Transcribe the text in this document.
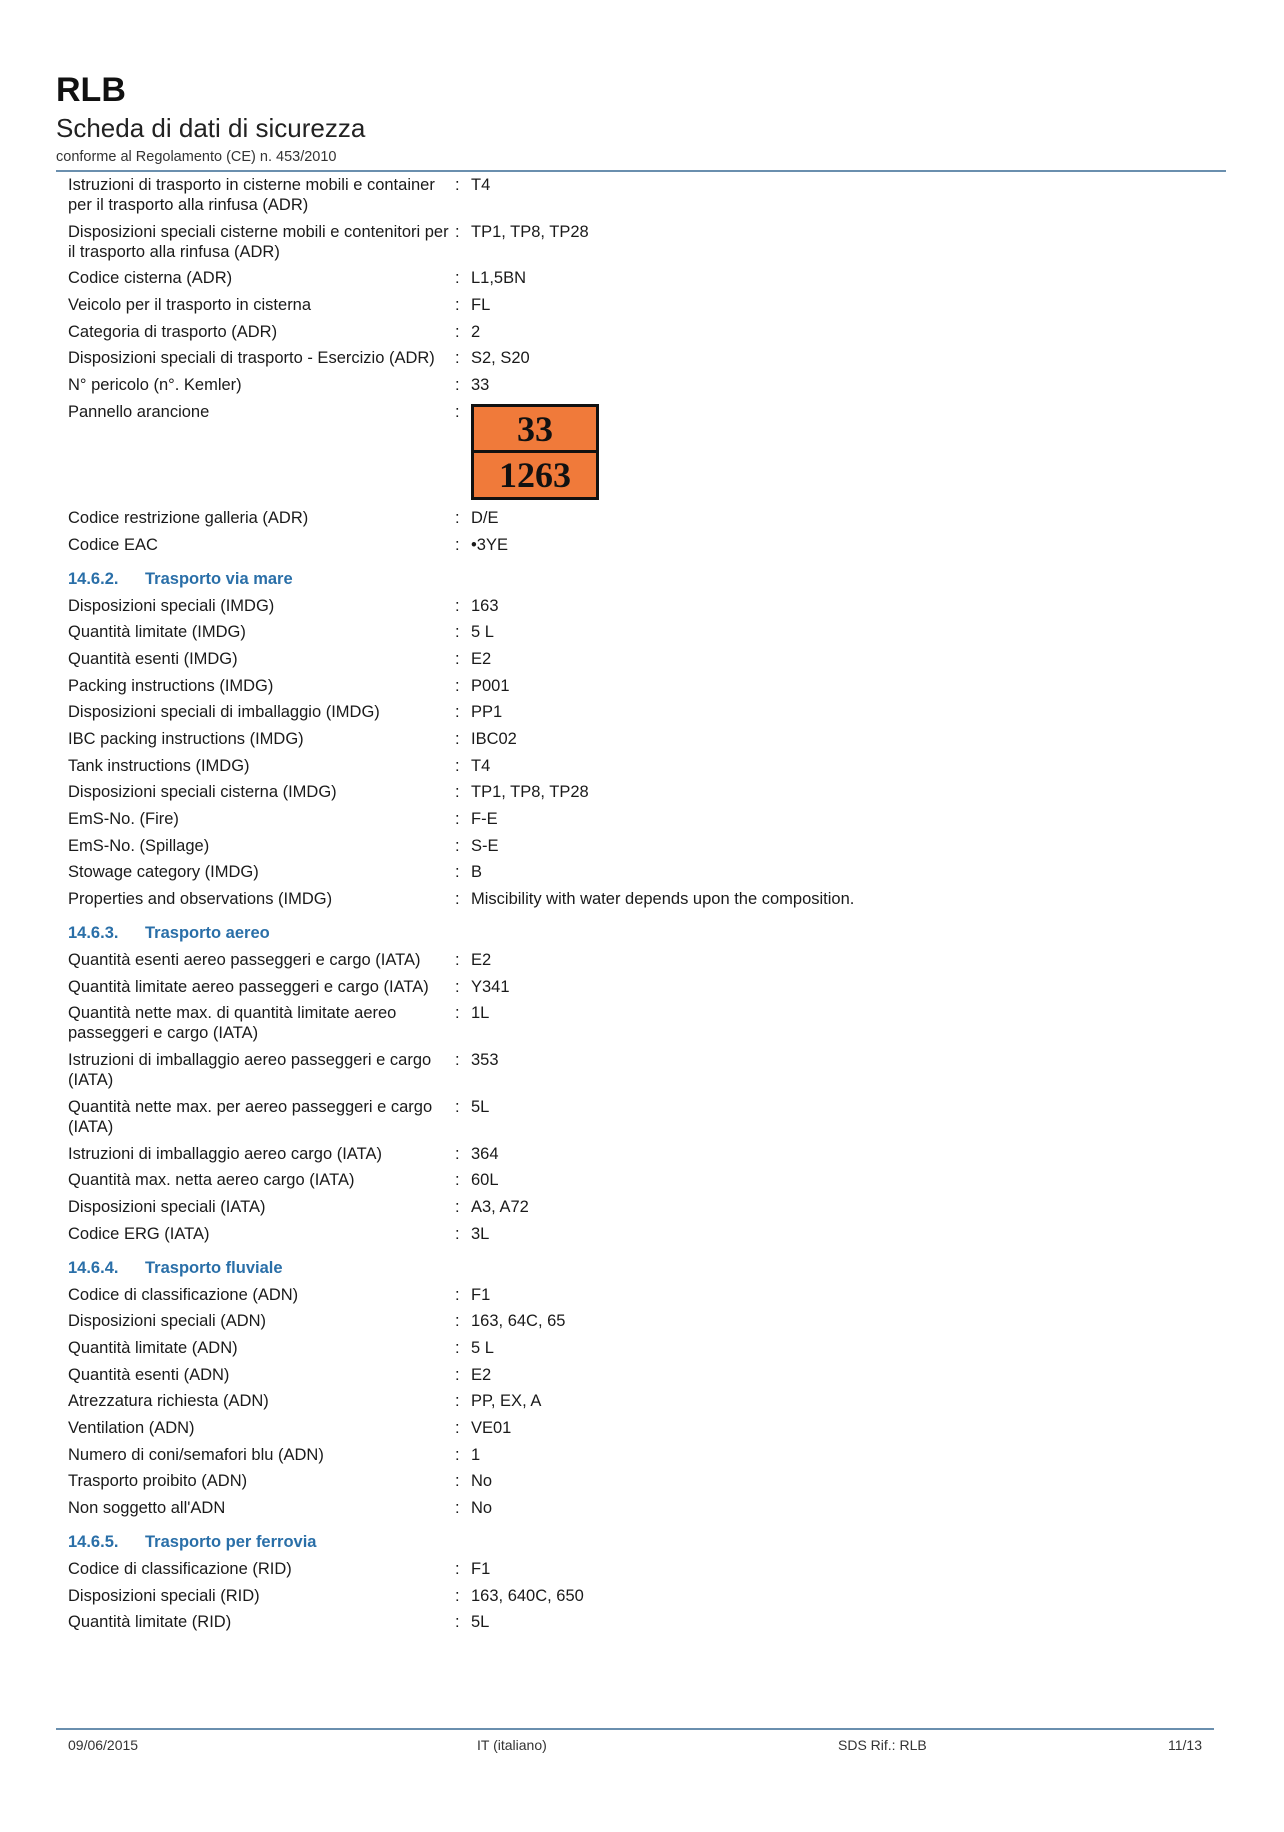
RLB
Scheda di dati di sicurezza
conforme al Regolamento (CE) n. 453/2010
Istruzioni di trasporto in cisterne mobili e container per il trasporto alla rinfusa (ADR)
: T4
Disposizioni speciali cisterne mobili e contenitori per il trasporto alla rinfusa (ADR)
: TP1, TP8, TP28
Codice cisterna (ADR)	: L1,5BN
Veicolo per il trasporto in cisterna	: FL
Categoria di trasporto (ADR)	: 2
Disposizioni speciali di trasporto - Esercizio (ADR)	: S2, S20
N° pericolo (n°. Kemler)	: 33
Pannello arancione	:	33
1263
Codice restrizione galleria (ADR)	: D/E
Codice EAC	: •3YE
14.6.2.	Trasporto via mare
Disposizioni speciali (IMDG)	: 163
Quantità limitate (IMDG)	: 5 L
Quantità esenti (IMDG)	: E2
Packing instructions (IMDG)	: P001
Disposizioni speciali di imballaggio (IMDG)	: PP1
IBC packing instructions (IMDG)	: IBC02
Tank instructions (IMDG)	: T4
Disposizioni speciali cisterna (IMDG)	: TP1, TP8, TP28
EmS-No. (Fire)	: F-E
EmS-No. (Spillage)	: S-E
Stowage category (IMDG)	: B
Properties and observations (IMDG)	: Miscibility with water depends upon the composition.
14.6.3.	Trasporto aereo
Quantità esenti aereo passeggeri e cargo (IATA)	: E2
Quantità limitate aereo passeggeri e cargo (IATA)	: Y341
Quantità nette max. di quantità limitate aereo passeggeri e cargo (IATA)
: 1L
Istruzioni di imballaggio aereo passeggeri e cargo (IATA)
: 353
Quantità nette max. per aereo passeggeri e cargo (IATA)
: 5L
Istruzioni di imballaggio aereo cargo (IATA)	: 364
Quantità max. netta aereo cargo (IATA)	: 60L
Disposizioni speciali (IATA)	: A3, A72
Codice ERG (IATA)	: 3L
14.6.4.	Trasporto fluviale
Codice di classificazione (ADN)	: F1
Disposizioni speciali (ADN)	: 163, 64C, 65
Quantità limitate (ADN)	: 5 L
Quantità esenti (ADN)	: E2
Atrezzatura richiesta (ADN)	: PP, EX, A
Ventilation (ADN)	: VE01
Numero di coni/semafori blu (ADN)	: 1
Trasporto proibito (ADN)	: No
Non soggetto all'ADN	: No
14.6.5.	Trasporto per ferrovia
Codice di classificazione (RID)	: F1
Disposizioni speciali (RID)	: 163, 640C, 650
Quantità limitate (RID)	: 5L
09/06/2015	IT (italiano)	SDS Rif.: RLB	11/13
